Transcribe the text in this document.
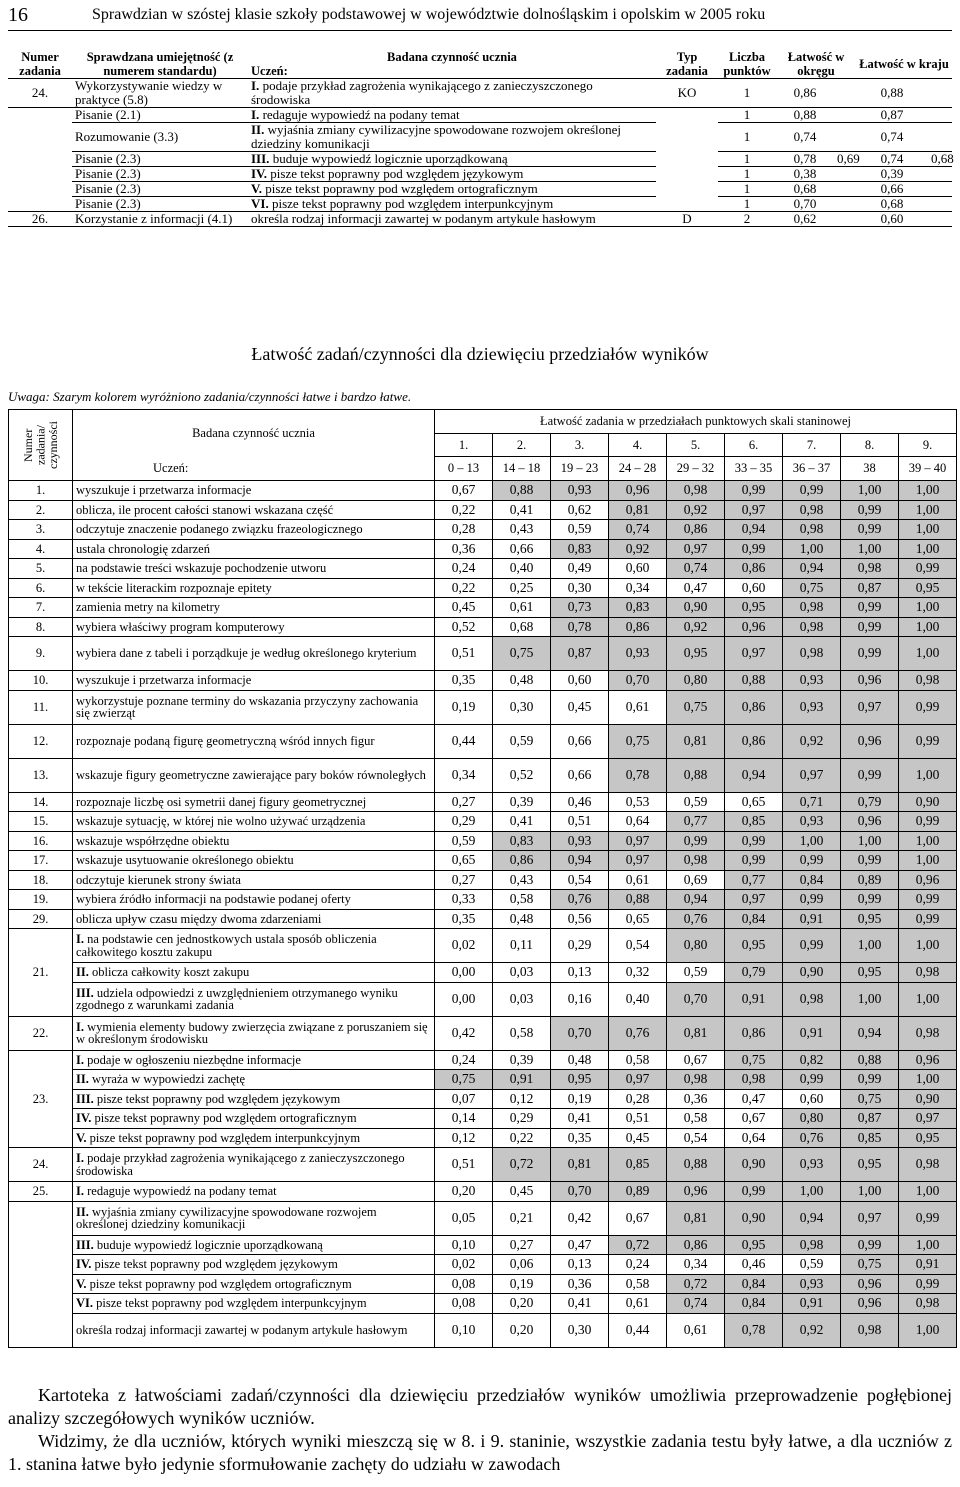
16	Sprawdzian w szóstej klasie szkoły podstawowej w województwie dolnośląskim i opolskim w 2005 roku
Numer zadania	Sprawdzana umiejętność (z numerem standardu)	Badana czynność ucznia	Typ zadania	Liczba punktów	Łatwość w okręgu		Łatwość w kraju	
		Uczeń:						
24.	Wykorzystywanie wiedzy w praktyce (5.8)	I. podaje przykład zagrożenia wynikającego z zanieczyszczonego środowiska	KO	1	0,86		0,88	
	Pisanie (2.1)	I. redaguje wypowiedź na podany temat		1	0,88		0,87	
	Rozumowanie (3.3)	II. wyjaśnia zmiany cywilizacyjne spowodowane rozwojem określonej dziedziny komunikacji		1	0,74		0,74	
	Pisanie (2.3)	III. buduje wypowiedź logicznie uporządkowaną		1	0,78	0,69	0,74	0,68
	Pisanie (2.3)	IV. pisze tekst poprawny pod względem językowym		1	0,38		0,39	
	Pisanie (2.3)	V. pisze tekst poprawny pod względem ortograficznym		1	0,68		0,66	
	Pisanie (2.3)	VI. pisze tekst poprawny pod względem interpunkcyjnym		1	0,70		0,68	
26.	Korzystanie z informacji (4.1)	określa rodzaj informacji zawartej w podanym artykule hasłowym	D	2	0,62		0,60	
Łatwość zadań/czynności dla dziewięciu przedziałów wyników
Uwaga: Szarym kolorem wyróżniono zadania/czynności łatwe i bardzo łatwe.
Numer zadania/ czynności	Badana czynność ucznia	Łatwość zadania w przedziałach punktowych skali staninowej								
		1.	2.	3.	4.	5.	6.	7.	8.	9.
	Uczeń:	0 – 13	14 – 18	19 – 23	24 – 28	29 – 32	33 – 35	36 – 37	38	39 – 40
1.	wyszukuje i przetwarza informacje	0,67	0,88	0,93	0,96	0,98	0,99	0,99	1,00	1,00
2.	oblicza, ile procent całości stanowi wskazana część	0,22	0,41	0,62	0,81	0,92	0,97	0,98	0,99	1,00
3.	odczytuje znaczenie podanego związku frazeologicznego	0,28	0,43	0,59	0,74	0,86	0,94	0,98	0,99	1,00
4.	ustala chronologię zdarzeń	0,36	0,66	0,83	0,92	0,97	0,99	1,00	1,00	1,00
5.	na podstawie treści wskazuje pochodzenie utworu	0,24	0,40	0,49	0,60	0,74	0,86	0,94	0,98	0,99
6.	w tekście literackim rozpoznaje epitety	0,22	0,25	0,30	0,34	0,47	0,60	0,75	0,87	0,95
7.	zamienia metry na kilometry	0,45	0,61	0,73	0,83	0,90	0,95	0,98	0,99	1,00
8.	wybiera właściwy program komputerowy	0,52	0,68	0,78	0,86	0,92	0,96	0,98	0,99	1,00
9.	wybiera dane z tabeli i porządkuje je według określonego kryterium	0,51	0,75	0,87	0,93	0,95	0,97	0,98	0,99	1,00
10.	wyszukuje i przetwarza informacje	0,35	0,48	0,60	0,70	0,80	0,88	0,93	0,96	0,98
11.	wykorzystuje poznane terminy do wskazania przyczyny zachowania się zwierząt	0,19	0,30	0,45	0,61	0,75	0,86	0,93	0,97	0,99
12.	rozpoznaje podaną figurę geometryczną wśród innych figur	0,44	0,59	0,66	0,75	0,81	0,86	0,92	0,96	0,99
13.	wskazuje figury geometryczne zawierające pary boków równoległych	0,34	0,52	0,66	0,78	0,88	0,94	0,97	0,99	1,00
14.	rozpoznaje liczbę osi symetrii danej figury geometrycznej	0,27	0,39	0,46	0,53	0,59	0,65	0,71	0,79	0,90
15.	wskazuje sytuację, w której nie wolno używać urządzenia	0,29	0,41	0,51	0,64	0,77	0,85	0,93	0,96	0,99
16.	wskazuje współrzędne obiektu	0,59	0,83	0,93	0,97	0,99	0,99	1,00	1,00	1,00
17.	wskazuje usytuowanie określonego obiektu	0,65	0,86	0,94	0,97	0,98	0,99	0,99	0,99	1,00
18.	odczytuje kierunek strony świata	0,27	0,43	0,54	0,61	0,69	0,77	0,84	0,89	0,96
19.	wybiera źródło informacji na podstawie podanej oferty	0,33	0,58	0,76	0,88	0,94	0,97	0,99	0,99	0,99
29.	oblicza upływ czasu między dwoma zdarzeniami	0,35	0,48	0,56	0,65	0,76	0,84	0,91	0,95	0,99
21.	I. na podstawie cen jednostkowych ustala sposób obliczenia całkowitego kosztu zakupu	0,02	0,11	0,29	0,54	0,80	0,95	0,99	1,00	1,00
	II. oblicza całkowity koszt zakupu	0,00	0,03	0,13	0,32	0,59	0,79	0,90	0,95	0,98
	III. udziela odpowiedzi z uwzględnieniem otrzymanego wyniku zgodnego z warunkami zadania	0,00	0,03	0,16	0,40	0,70	0,91	0,98	1,00	1,00
22.	I. wymienia elementy budowy zwierzęcia związane z poruszaniem się w określonym środowisku	0,42	0,58	0,70	0,76	0,81	0,86	0,91	0,94	0,98
23.	I. podaje w ogłoszeniu niezbędne informacje	0,24	0,39	0,48	0,58	0,67	0,75	0,82	0,88	0,96
	II. wyraża w wypowiedzi zachętę	0,75	0,91	0,95	0,97	0,98	0,98	0,99	0,99	1,00
	III. pisze tekst poprawny pod względem językowym	0,07	0,12	0,19	0,28	0,36	0,47	0,60	0,75	0,90
	IV. pisze tekst poprawny pod względem ortograficznym	0,14	0,29	0,41	0,51	0,58	0,67	0,80	0,87	0,97
	V. pisze tekst poprawny pod względem interpunkcyjnym	0,12	0,22	0,35	0,45	0,54	0,64	0,76	0,85	0,95
24.	I. podaje przykład zagrożenia wynikającego z zanieczyszczonego środowiska	0,51	0,72	0,81	0,85	0,88	0,90	0,93	0,95	0,98
25.	I. redaguje wypowiedź na podany temat	0,20	0,45	0,70	0,89	0,96	0,99	1,00	1,00	1,00
	II. wyjaśnia zmiany cywilizacyjne spowodowane rozwojem określonej dziedziny komunikacji	0,05	0,21	0,42	0,67	0,81	0,90	0,94	0,97	0,99
	III. buduje wypowiedź logicznie uporządkowaną	0,10	0,27	0,47	0,72	0,86	0,95	0,98	0,99	1,00
	IV. pisze tekst poprawny pod względem językowym	0,02	0,06	0,13	0,24	0,34	0,46	0,59	0,75	0,91
	V. pisze tekst poprawny pod względem ortograficznym	0,08	0,19	0,36	0,58	0,72	0,84	0,93	0,96	0,99
	VI. pisze tekst poprawny pod względem interpunkcyjnym	0,08	0,20	0,41	0,61	0,74	0,84	0,91	0,96	0,98
	określa rodzaj informacji zawartej w podanym artykule hasłowym	0,10	0,20	0,30	0,44	0,61	0,78	0,92	0,98	1,00

Kartoteka z łatwościami zadań/czynności dla dziewięciu przedziałów wyników umożliwia przeprowadzenie pogłębionej analizy szczegółowych wyników uczniów.

Widzimy, że dla uczniów, których wyniki mieszczą się w 8. i 9. staninie, wszystkie zadania testu były łatwe, a dla uczniów z 1. stanina łatwe było jedynie sformułowanie zachęty do udziału w zawodach
